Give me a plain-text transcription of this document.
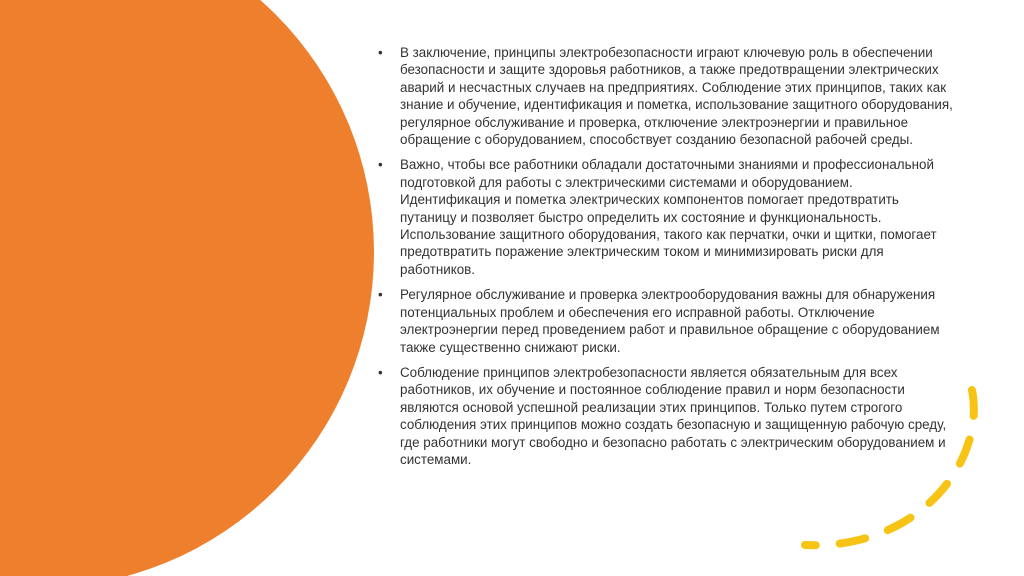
• В заключение, принципы электробезопасности играют ключевую роль в обеспечении безопасности и защите здоровья работников, а также предотвращении электрических аварий и несчастных случаев на предприятиях. Соблюдение этих принципов, таких как знание и обучение, идентификация и пометка, использование защитного оборудования, регулярное обслуживание и проверка, отключение электроэнергии и правильное обращение с оборудованием, способствует созданию безопасной рабочей среды.
• Важно, чтобы все работники обладали достаточными знаниями и профессиональной подготовкой для работы с электрическими системами и оборудованием. Идентификация и пометка электрических компонентов помогает предотвратить путаницу и позволяет быстро определить их состояние и функциональность. Использование защитного оборудования, такого как перчатки, очки и щитки, помогает предотвратить поражение электрическим током и минимизировать риски для работников.
• Регулярное обслуживание и проверка электрооборудования важны для обнаружения потенциальных проблем и обеспечения его исправной работы. Отключение электроэнергии перед проведением работ и правильное обращение с оборудованием также существенно снижают риски.
• Соблюдение принципов электробезопасности является обязательным для всех работников, их обучение и постоянное соблюдение правил и норм безопасности являются основой успешной реализации этих принципов. Только путем строгого соблюдения этих принципов можно создать безопасную и защищенную рабочую среду, где работники могут свободно и безопасно работать с электрическим оборудованием и системами.
